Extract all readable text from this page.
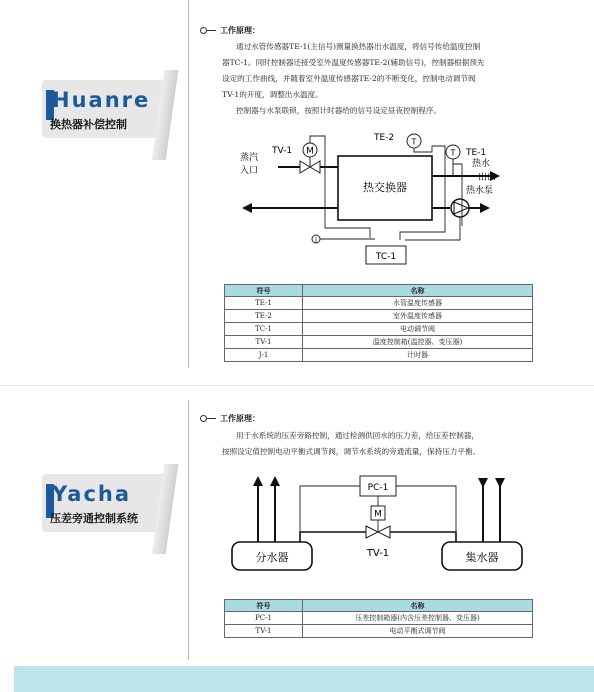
Huanre
换热器补偿控制
Yacha
压差旁通控制系统
工作原理：
通过水管传感器TE-1(主信号)测量换热器出水温度，将信号传给温度控制
器TC-1。同时控制器还接受室外温度传感器TE-2(辅助信号)，控制器根据预先
设定的工作曲线，并随着室外温度传感器TE-2的不断变化，控制电动调节阀
TV-1的开度，调整出水温度。
控制器与水泵联锁，按照计时器给的信号设定昼夜控制程序。
TV-1 M
蒸汽
入口
热交换器
热水
出口
热水泵
TE-2 T
T TE-1
J
TC-1
符号	名称
TE-1	水管温度传感器
TE-2	室外温度传感器
TC-1	电动调节阀
TV-1	温度控制箱(温控器、变压器)
J-1	计时器
工作原理：
用于水系统的压差旁路控制，通过检测供回水的压力差，给压差控制器，
按照设定值控制电动平衡式调节阀，调节水系统的旁通流量，保持压力平衡。
PC-1
M
TV-1
分水器	集水器
符号	名称
PC-1	压差控制箱器(内含压差控制器、变压器)
TV-1	电动平衡式调节阀
